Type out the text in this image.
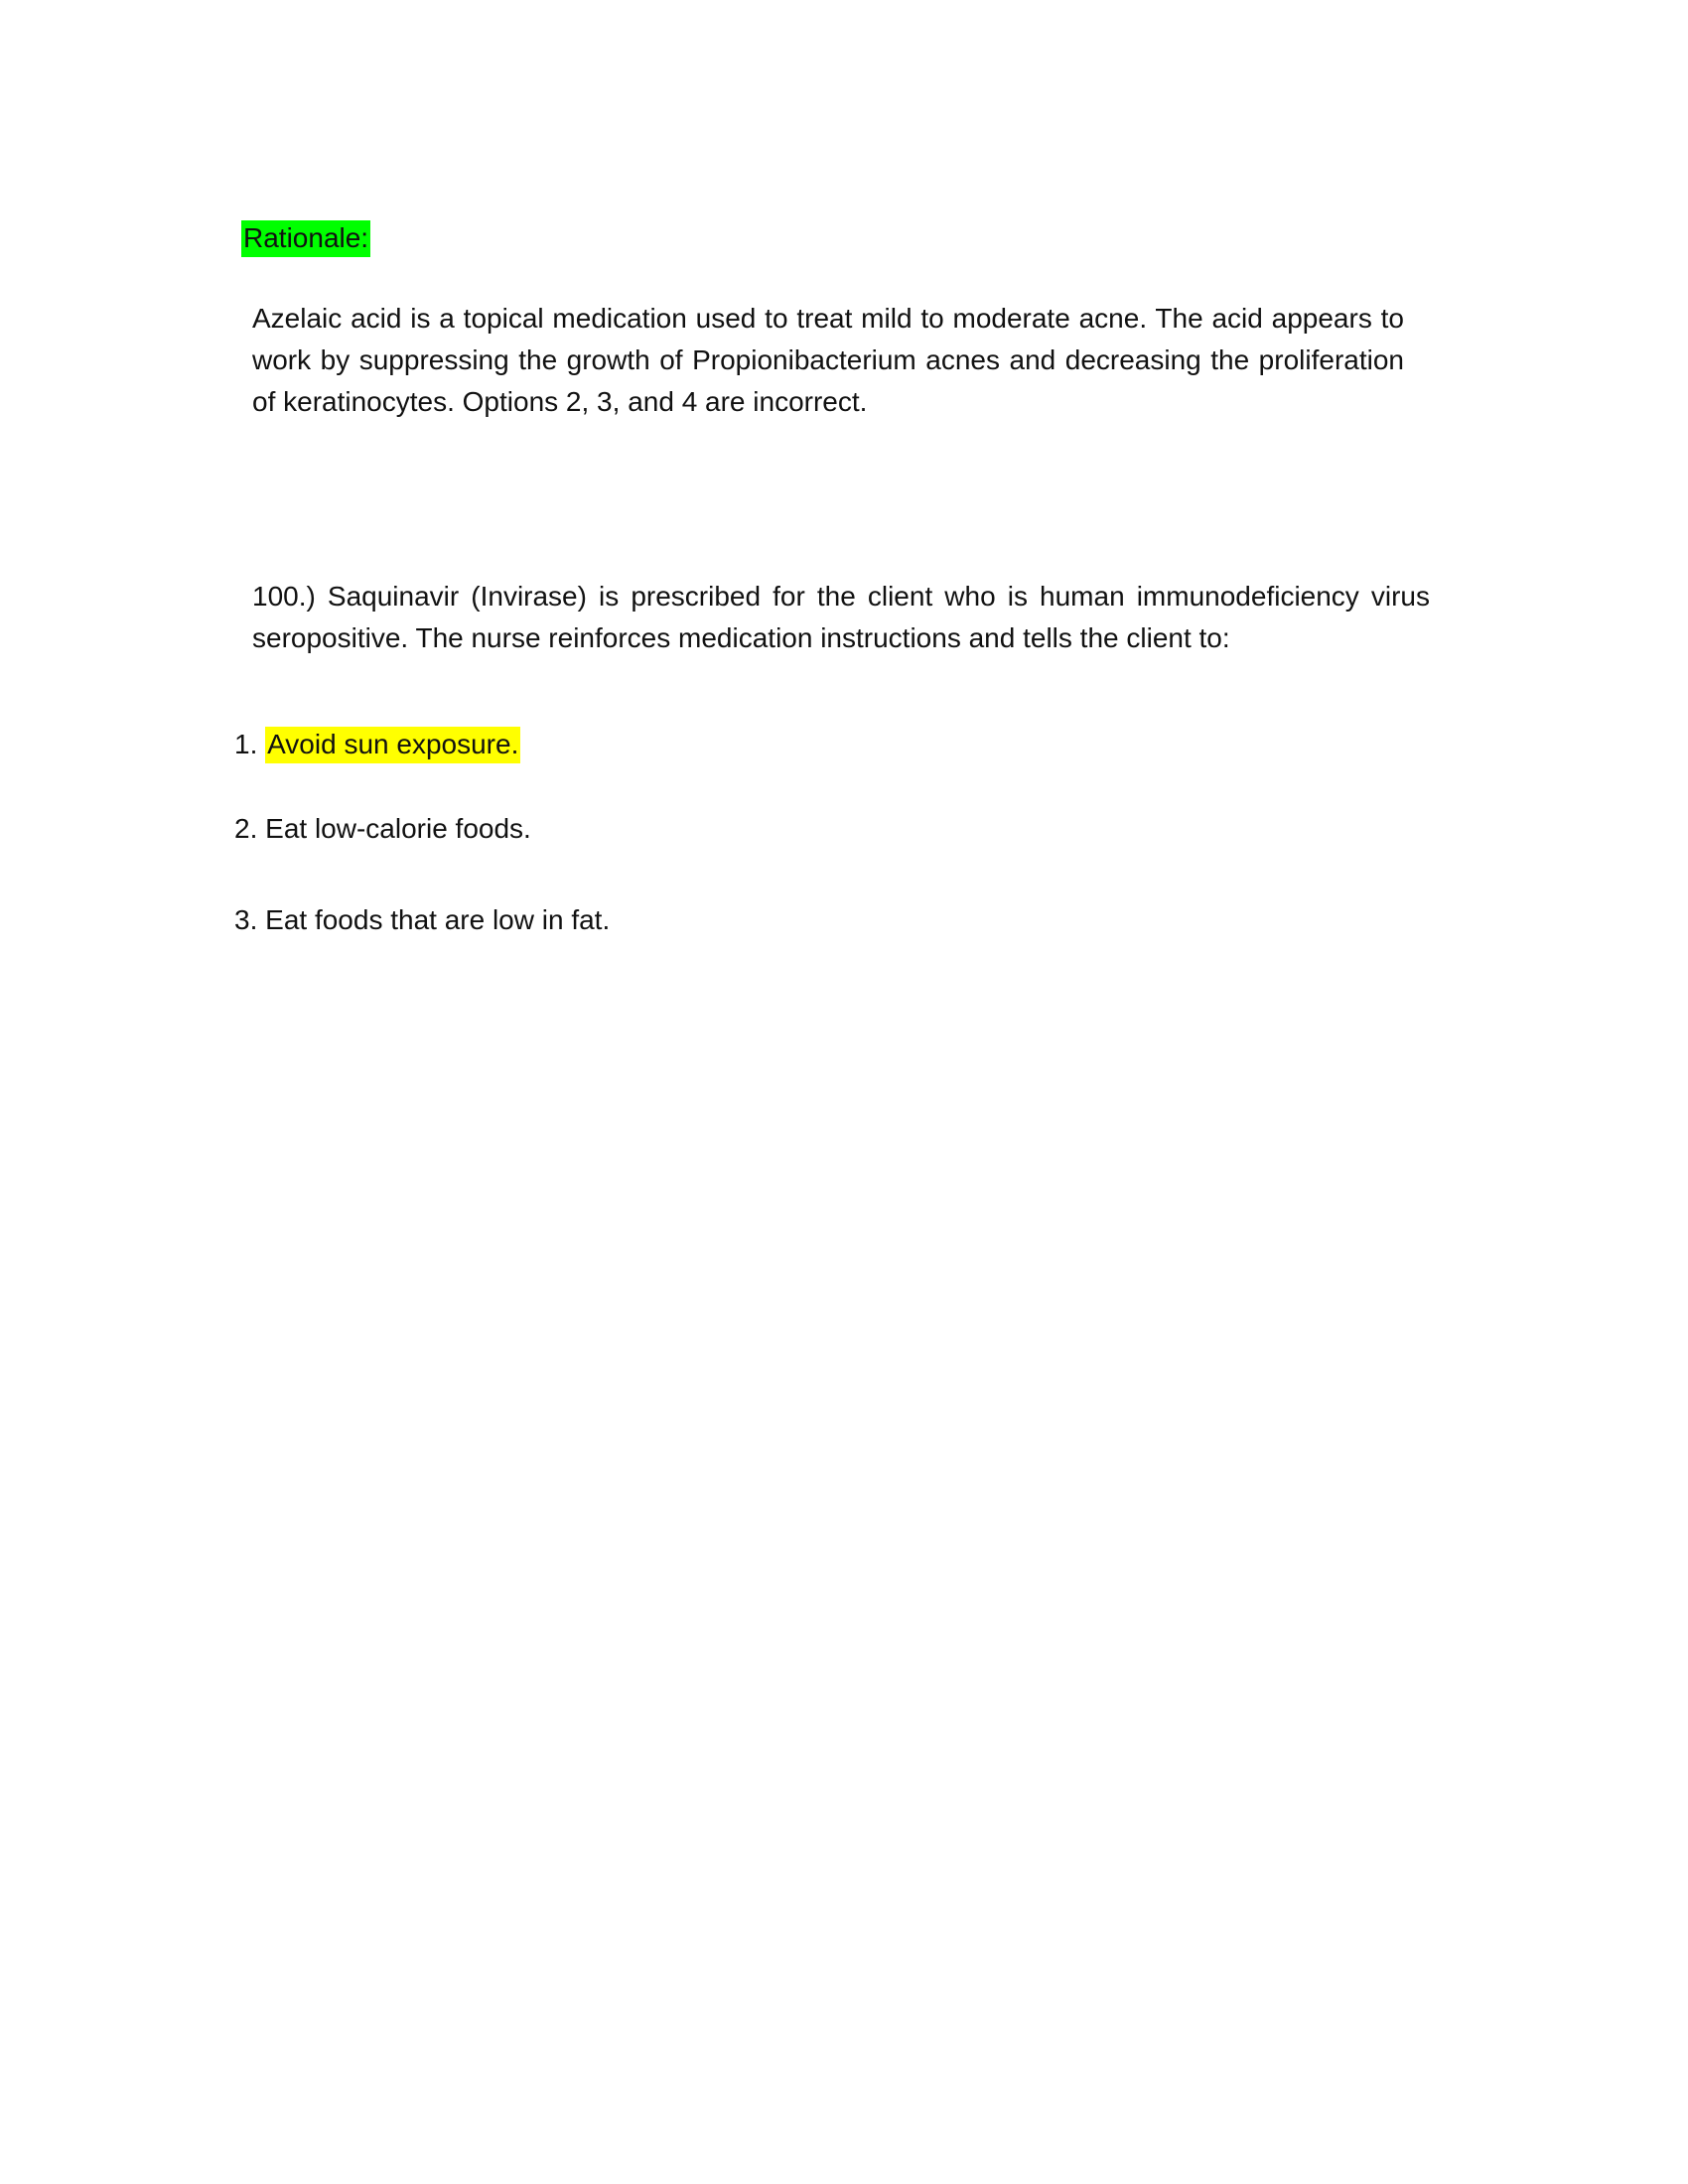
Rationale:

Azelaic acid is a topical medication used to treat mild to moderate acne. The acid appears to
work by suppressing the growth of Propionibacterium acnes and decreasing the proliferation
of keratinocytes. Options 2, 3, and 4 are incorrect.
100.) Saquinavir (Invirase) is prescribed for the client who is human immunodeficiency virus
seropositive. The nurse reinforces medication instructions and tells the client to:

1. Avoid sun exposure.

2. Eat low-calorie foods.

3. Eat foods that are low in fat.
